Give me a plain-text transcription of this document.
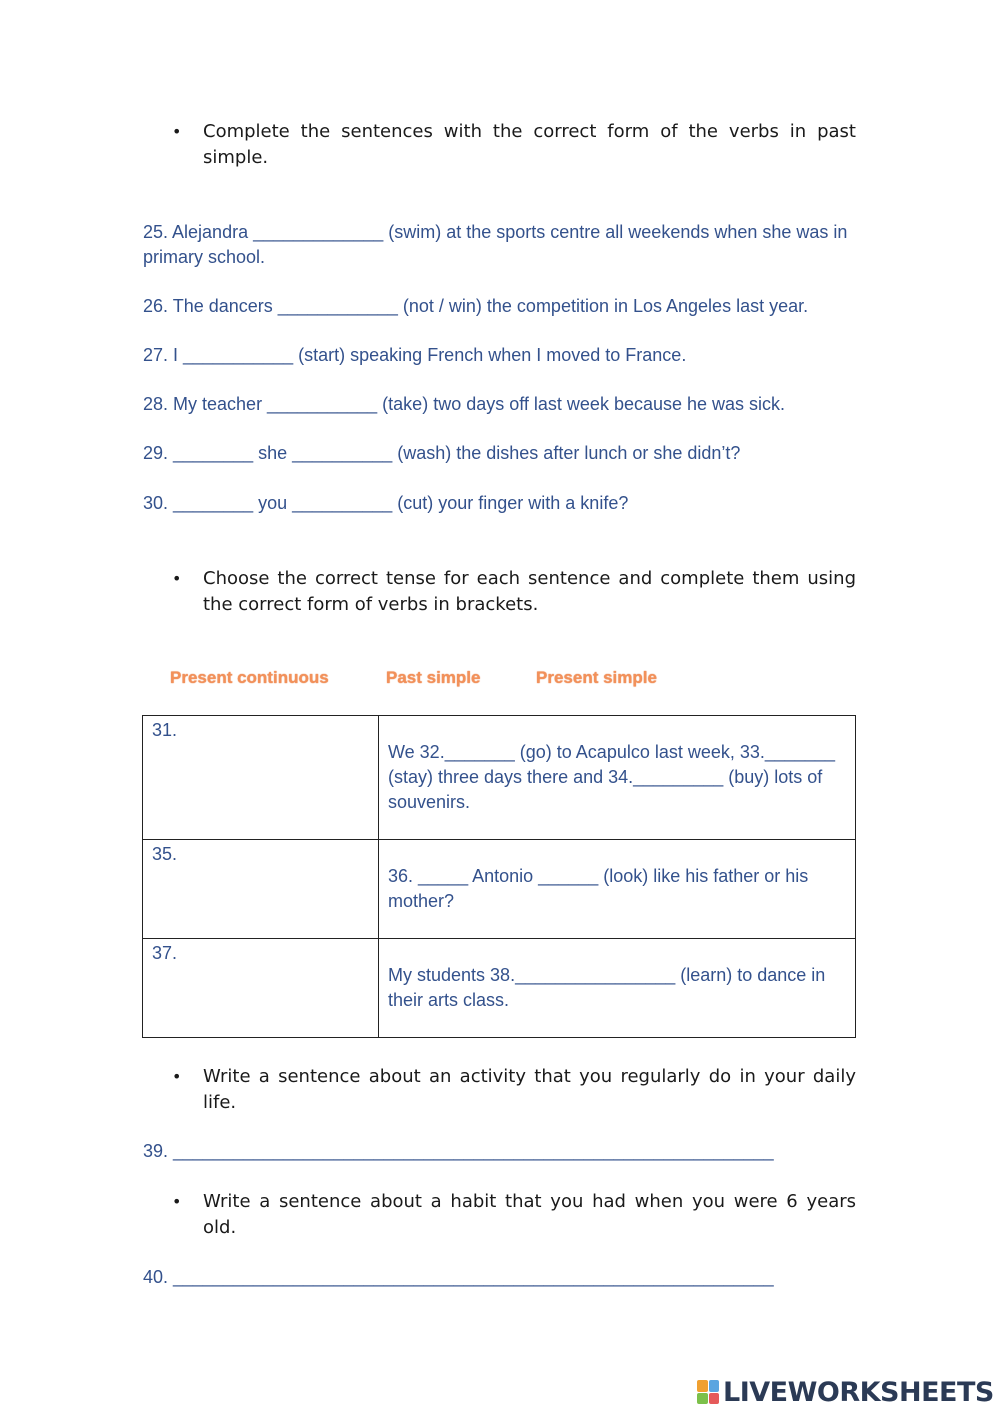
• Complete the sentences with the correct form of the verbs in past simple.
25. Alejandra _____________ (swim) at the sports centre all weekends when she was in primary school.
26. The dancers ____________ (not / win) the competition in Los Angeles last year.
27. I ___________ (start) speaking French when I moved to France.
28. My teacher ___________ (take) two days off last week because he was sick.
29. ________ she __________ (wash) the dishes after lunch or she didn’t?
30. ________ you __________ (cut) your finger with a knife?
• Choose the correct tense for each sentence and complete them using the correct form of verbs in brackets.
Present continuous	Past simple	Present simple
31.	We 32._______ (go) to Acapulco last week, 33._______ (stay) three days there and 34._________ (buy) lots of souvenirs.
35.	36. _____ Antonio ______ (look) like his father or his mother?
37.	My students 38.________________ (learn) to dance in their arts class.
• Write a sentence about an activity that you regularly do in your daily life.
39. ____________________________________________________________
• Write a sentence about a habit that you had when you were 6 years old.
40. ____________________________________________________________
LIVEWORKSHEETS
